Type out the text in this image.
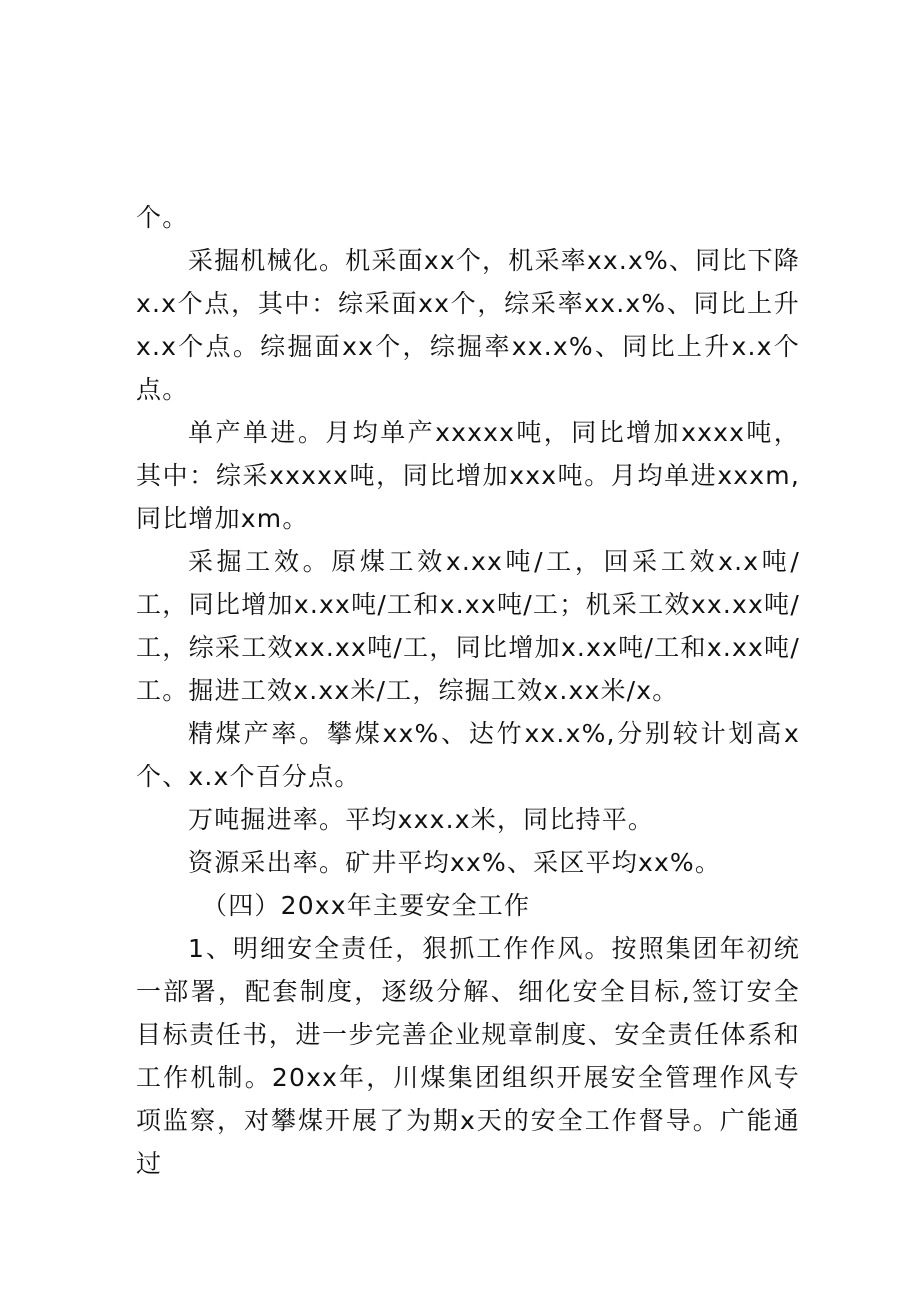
个。

采掘机械化。机采面xx个，机采率xx.x%、同比下降x.x个点，其中：综采面xx个，综采率xx.x%、同比上升x.x个点。综掘面xx个，综掘率xx.x%、同比上升x.x个点。

单产单进。月均单产xxxxx吨，同比增加xxxx吨，其中：综采xxxxx吨，同比增加xxx吨。月均单进xxxm,同比增加xm。

采掘工效。原煤工效x.xx吨/工，回采工效x.x吨/工，同比增加x.xx吨/工和x.xx吨/工；机采工效xx.xx吨/工，综采工效xx.xx吨/工，同比增加x.xx吨/工和x.xx吨/工。掘进工效x.xx米/工，综掘工效x.xx米/x。

精煤产率。攀煤xx%、达竹xx.x%,分别较计划高x个、x.x个百分点。

万吨掘进率。平均xxx.x米，同比持平。

资源采出率。矿井平均xx%、采区平均xx%。

（四）20xx年主要安全工作

1、明细安全责任，狠抓工作作风。按照集团年初统一部署，配套制度，逐级分解、细化安全目标,签订安全目标责任书，进一步完善企业规章制度、安全责任体系和工作机制。20xx年，川煤集团组织开展安全管理作风专项监察，对攀煤开展了为期x天的安全工作督导。广能通过
